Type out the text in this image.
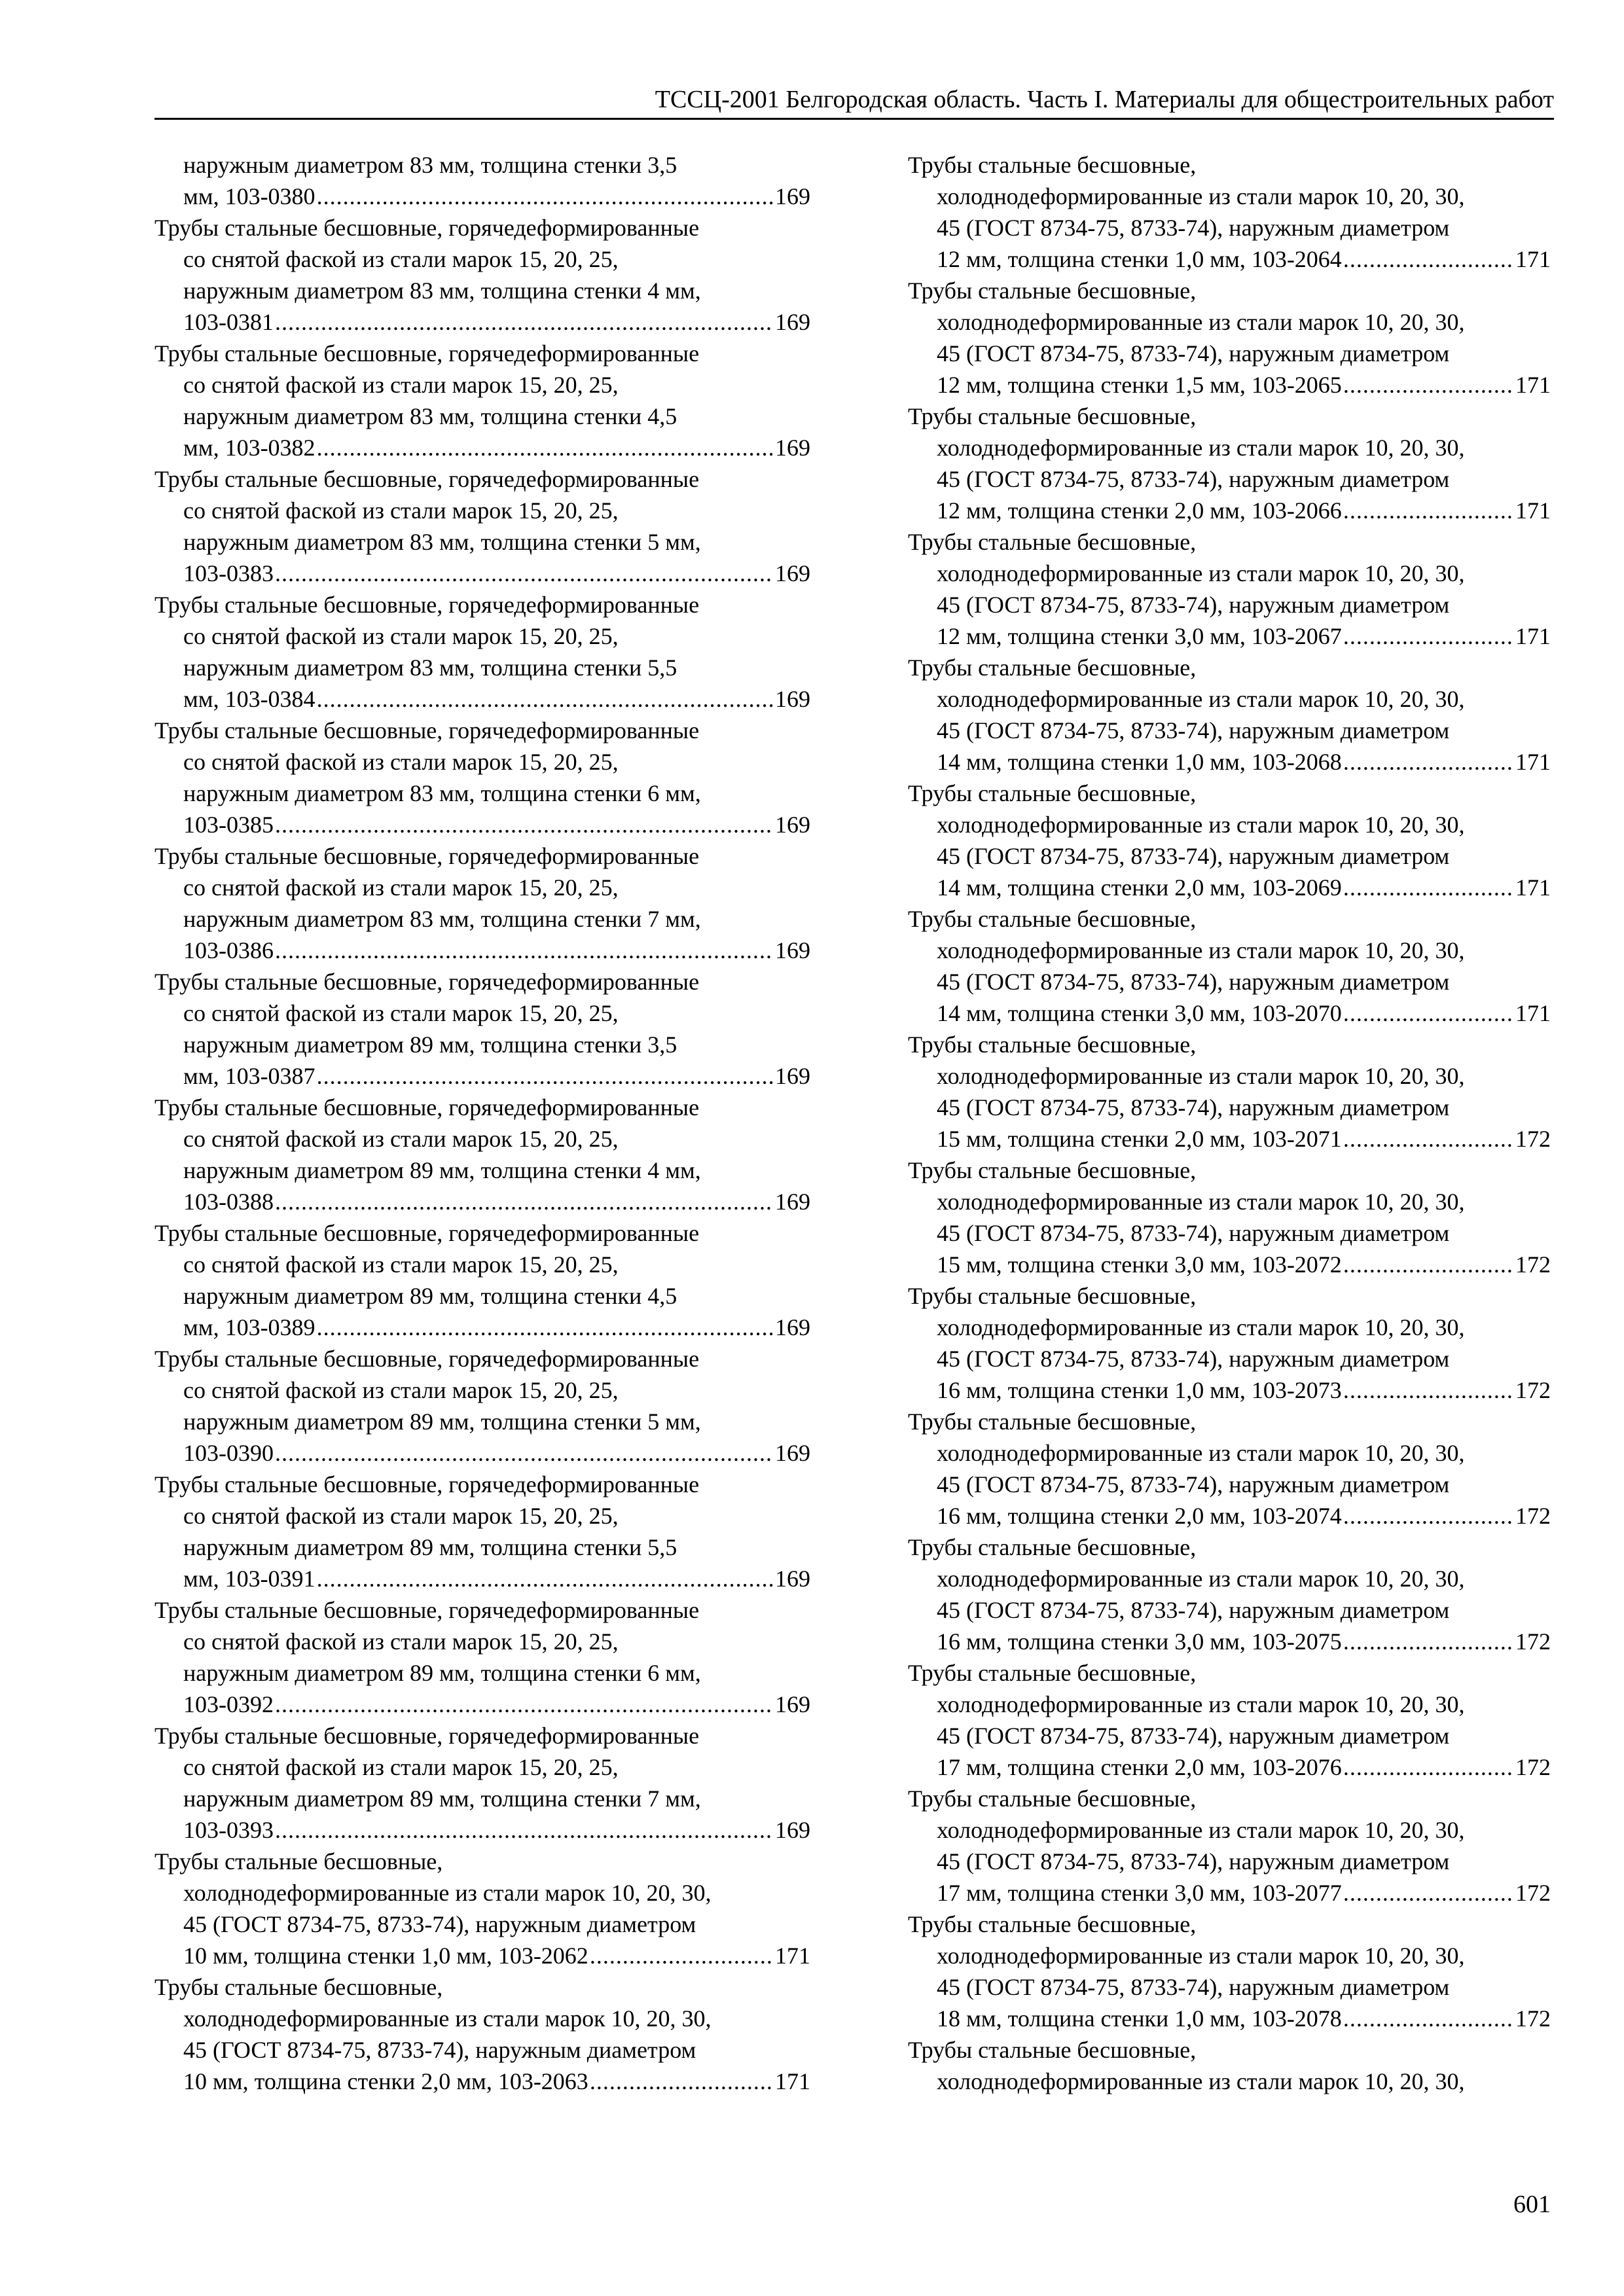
ТССЦ-2001 Белгородская область. Часть I. Материалы для общестроительных работ
наружным диаметром 83 мм, толщина стенки 3,5
мм, 103-0380 .....	169
Трубы стальные бесшовные, горячедеформированные
со снятой фаской из стали марок 15, 20, 25,
наружным диаметром 83 мм, толщина стенки 4 мм,
103-0381 .....	169
Трубы стальные бесшовные, горячедеформированные
со снятой фаской из стали марок 15, 20, 25,
наружным диаметром 83 мм, толщина стенки 4,5
мм, 103-0382 .....	169
Трубы стальные бесшовные, горячедеформированные
со снятой фаской из стали марок 15, 20, 25,
наружным диаметром 83 мм, толщина стенки 5 мм,
103-0383 .....	169
Трубы стальные бесшовные, горячедеформированные
со снятой фаской из стали марок 15, 20, 25,
наружным диаметром 83 мм, толщина стенки 5,5
мм, 103-0384 .....	169
Трубы стальные бесшовные, горячедеформированные
со снятой фаской из стали марок 15, 20, 25,
наружным диаметром 83 мм, толщина стенки 6 мм,
103-0385 .....	169
Трубы стальные бесшовные, горячедеформированные
со снятой фаской из стали марок 15, 20, 25,
наружным диаметром 83 мм, толщина стенки 7 мм,
103-0386 .....	169
Трубы стальные бесшовные, горячедеформированные
со снятой фаской из стали марок 15, 20, 25,
наружным диаметром 89 мм, толщина стенки 3,5
мм, 103-0387 .....	169
Трубы стальные бесшовные, горячедеформированные
со снятой фаской из стали марок 15, 20, 25,
наружным диаметром 89 мм, толщина стенки 4 мм,
103-0388 .....	169
Трубы стальные бесшовные, горячедеформированные
со снятой фаской из стали марок 15, 20, 25,
наружным диаметром 89 мм, толщина стенки 4,5
мм, 103-0389 .....	169
Трубы стальные бесшовные, горячедеформированные
со снятой фаской из стали марок 15, 20, 25,
наружным диаметром 89 мм, толщина стенки 5 мм,
103-0390 .....	169
Трубы стальные бесшовные, горячедеформированные
со снятой фаской из стали марок 15, 20, 25,
наружным диаметром 89 мм, толщина стенки 5,5
мм, 103-0391 .....	169
Трубы стальные бесшовные, горячедеформированные
со снятой фаской из стали марок 15, 20, 25,
наружным диаметром 89 мм, толщина стенки 6 мм,
103-0392 .....	169
Трубы стальные бесшовные, горячедеформированные
со снятой фаской из стали марок 15, 20, 25,
наружным диаметром 89 мм, толщина стенки 7 мм,
103-0393 .....	169
Трубы стальные бесшовные,
холоднодеформированные из стали марок 10, 20, 30,
45 (ГОСТ 8734-75, 8733-74), наружным диаметром
10 мм, толщина стенки 1,0 мм, 103-2062 .....	171
Трубы стальные бесшовные,
холоднодеформированные из стали марок 10, 20, 30,
45 (ГОСТ 8734-75, 8733-74), наружным диаметром
10 мм, толщина стенки 2,0 мм, 103-2063 .....	171
Трубы стальные бесшовные,
холоднодеформированные из стали марок 10, 20, 30,
45 (ГОСТ 8734-75, 8733-74), наружным диаметром
12 мм, толщина стенки 1,0 мм, 103-2064 .....	171
Трубы стальные бесшовные,
холоднодеформированные из стали марок 10, 20, 30,
45 (ГОСТ 8734-75, 8733-74), наружным диаметром
12 мм, толщина стенки 1,5 мм, 103-2065 .....	171
Трубы стальные бесшовные,
холоднодеформированные из стали марок 10, 20, 30,
45 (ГОСТ 8734-75, 8733-74), наружным диаметром
12 мм, толщина стенки 2,0 мм, 103-2066 .....	171
Трубы стальные бесшовные,
холоднодеформированные из стали марок 10, 20, 30,
45 (ГОСТ 8734-75, 8733-74), наружным диаметром
12 мм, толщина стенки 3,0 мм, 103-2067 .....	171
Трубы стальные бесшовные,
холоднодеформированные из стали марок 10, 20, 30,
45 (ГОСТ 8734-75, 8733-74), наружным диаметром
14 мм, толщина стенки 1,0 мм, 103-2068 .....	171
Трубы стальные бесшовные,
холоднодеформированные из стали марок 10, 20, 30,
45 (ГОСТ 8734-75, 8733-74), наружным диаметром
14 мм, толщина стенки 2,0 мм, 103-2069 .....	171
Трубы стальные бесшовные,
холоднодеформированные из стали марок 10, 20, 30,
45 (ГОСТ 8734-75, 8733-74), наружным диаметром
14 мм, толщина стенки 3,0 мм, 103-2070 .....	171
Трубы стальные бесшовные,
холоднодеформированные из стали марок 10, 20, 30,
45 (ГОСТ 8734-75, 8733-74), наружным диаметром
15 мм, толщина стенки 2,0 мм, 103-2071 .....	172
Трубы стальные бесшовные,
холоднодеформированные из стали марок 10, 20, 30,
45 (ГОСТ 8734-75, 8733-74), наружным диаметром
15 мм, толщина стенки 3,0 мм, 103-2072 .....	172
Трубы стальные бесшовные,
холоднодеформированные из стали марок 10, 20, 30,
45 (ГОСТ 8734-75, 8733-74), наружным диаметром
16 мм, толщина стенки 1,0 мм, 103-2073 .....	172
Трубы стальные бесшовные,
холоднодеформированные из стали марок 10, 20, 30,
45 (ГОСТ 8734-75, 8733-74), наружным диаметром
16 мм, толщина стенки 2,0 мм, 103-2074 .....	172
Трубы стальные бесшовные,
холоднодеформированные из стали марок 10, 20, 30,
45 (ГОСТ 8734-75, 8733-74), наружным диаметром
16 мм, толщина стенки 3,0 мм, 103-2075 .....	172
Трубы стальные бесшовные,
холоднодеформированные из стали марок 10, 20, 30,
45 (ГОСТ 8734-75, 8733-74), наружным диаметром
17 мм, толщина стенки 2,0 мм, 103-2076 .....	172
Трубы стальные бесшовные,
холоднодеформированные из стали марок 10, 20, 30,
45 (ГОСТ 8734-75, 8733-74), наружным диаметром
17 мм, толщина стенки 3,0 мм, 103-2077 .....	172
Трубы стальные бесшовные,
холоднодеформированные из стали марок 10, 20, 30,
45 (ГОСТ 8734-75, 8733-74), наружным диаметром
18 мм, толщина стенки 1,0 мм, 103-2078 .....	172
Трубы стальные бесшовные,
холоднодеформированные из стали марок 10, 20, 30,
601
